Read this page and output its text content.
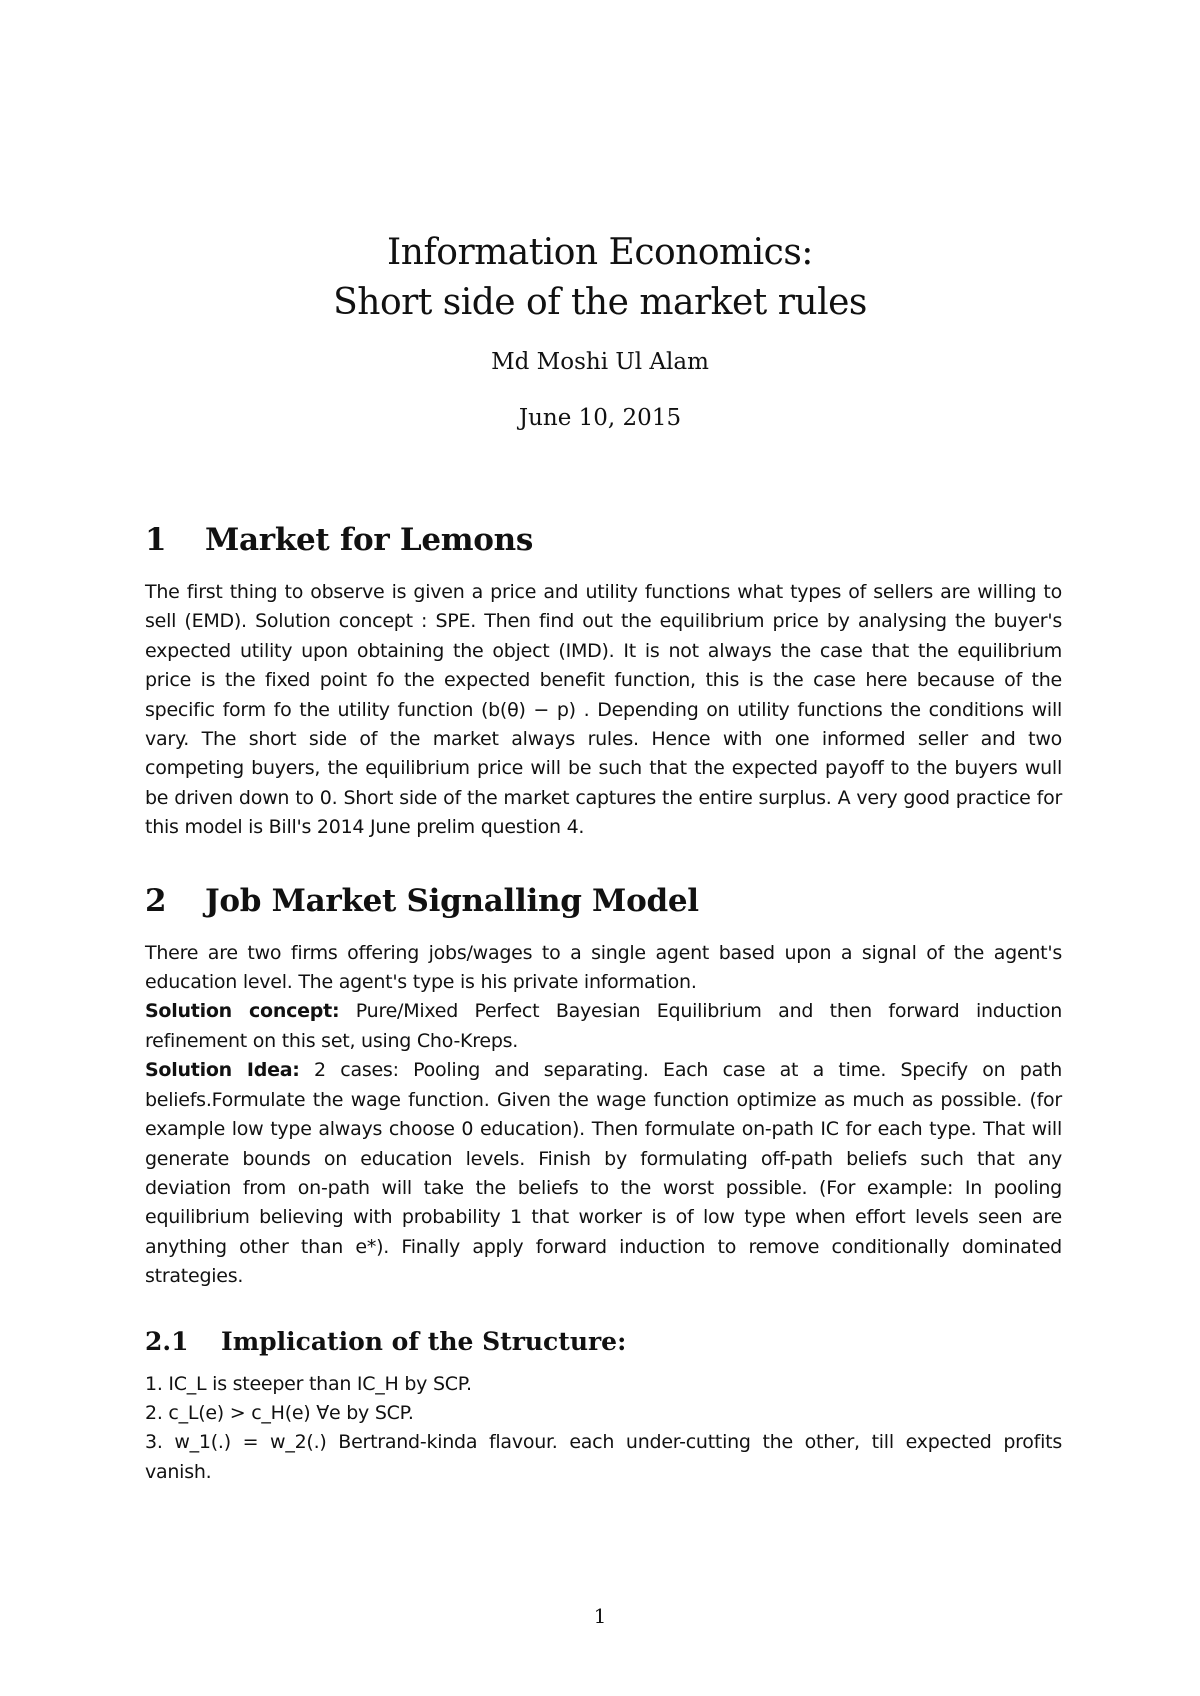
Information Economics:
Short side of the market rules
Md Moshi Ul Alam
June 10, 2015
1 Market for Lemons

The first thing to observe is given a price and utility functions what types of sellers are willing to sell (EMD). Solution concept : SPE. Then find out the equilibrium price by analysing the buyer's expected utility upon obtaining the object (IMD). It is not always the case that the equilibrium price is the fixed point fo the expected benefit function, this is the case here because of the specific form fo the utility function (b(θ) − p) . Depending on utility functions the conditions will vary. The short side of the market always rules. Hence with one informed seller and two competing buyers, the equilibrium price will be such that the expected payoff to the buyers wull be driven down to 0. Short side of the market captures the entire surplus. A very good practice for this model is Bill's 2014 June prelim question 4.

2 Job Market Signalling Model

There are two firms offering jobs/wages to a single agent based upon a signal of the agent's education level. The agent's type is his private information.

Solution concept: Pure/Mixed Perfect Bayesian Equilibrium and then forward induction refinement on this set, using Cho-Kreps.

Solution Idea: 2 cases: Pooling and separating. Each case at a time. Specify on path beliefs.Formulate the wage function. Given the wage function optimize as much as possible. (for example low type always choose 0 education). Then formulate on-path IC for each type. That will generate bounds on education levels. Finish by formulating off-path beliefs such that any deviation from on-path will take the beliefs to the worst possible. (For example: In pooling equilibrium believing with probability 1 that worker is of low type when effort levels seen are anything other than e*). Finally apply forward induction to remove conditionally dominated strategies.

2.1 Implication of the Structure:

1. IC_L is steeper than IC_H by SCP.

2. c_L(e) > c_H(e) ∀e by SCP.

3. w_1(.) = w_2(.) Bertrand-kinda flavour. each under-cutting the other, till expected profits vanish.

1
